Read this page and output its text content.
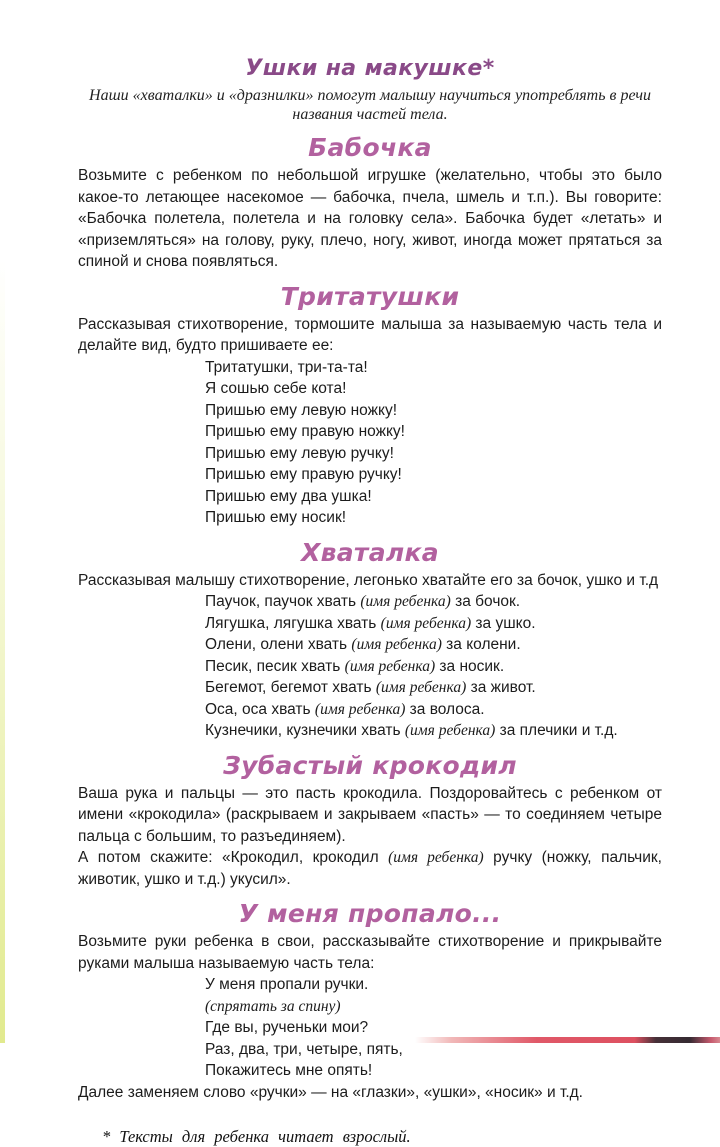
Ушки на макушке*
Наши «хваталки» и «дразнилки» помогут малышу научиться употреблять в речи
названия частей тела.
Бабочка

Возьмите с ребенком по небольшой игрушке (желательно, чтобы это было какое-то летающее насекомое — бабочка, пчела, шмель и т.п.). Вы говорите: «Бабочка полетела, полетела и на головку села». Бабочка будет «летать» и «приземляться» на голову, руку, плечо, ногу, живот, иногда может прятаться за спиной и снова появляться.

Тритатушки

Рассказывая стихотворение, тормошите малыша за называемую часть тела и делайте вид, будто пришиваете ее:

Тритатушки, три-та-та!
Я сошью себе кота!
Пришью ему левую ножку!
Пришью ему правую ножку!
Пришью ему левую ручку!
Пришью ему правую ручку!
Пришью ему два ушка!
Пришью ему носик!
Хваталка

Рассказывая малышу стихотворение, легонько хватайте его за бочок, ушко и т.д

Паучок, паучок хвать (имя ребенка) за бочок.
Лягушка, лягушка хвать (имя ребенка) за ушко.
Олени, олени хвать (имя ребенка) за колени.
Песик, песик хвать (имя ребенка) за носик.
Бегемот, бегемот хвать (имя ребенка) за живот.
Оса, оса хвать (имя ребенка) за волоса.
Кузнечики, кузнечики хвать (имя ребенка) за плечики и т.д.
Зубастый крокодил

Ваша рука и пальцы — это пасть крокодила. Поздоровайтесь с ребенком от имени «крокодила» (раскрываем и закрываем «пасть» — то соединяем четыре пальца с большим, то разъединяем).

А потом скажите: «Крокодил, крокодил (имя ребенка) ручку (ножку, пальчик, животик, ушко и т.д.) укусил».

У меня пропало...

Возьмите руки ребенка в свои, рассказывайте стихотворение и прикрывайте руками малыша называемую часть тела:

У меня пропали ручки.
(спрятать за спину)
Где вы, рученьки мои?
Раз, два, три, четыре, пять,
Покажитесь мне опять!

Далее заменяем слово «ручки» — на «глазки», «ушки», «носик» и т.д.

* Тексты для ребенка читает взрослый.
